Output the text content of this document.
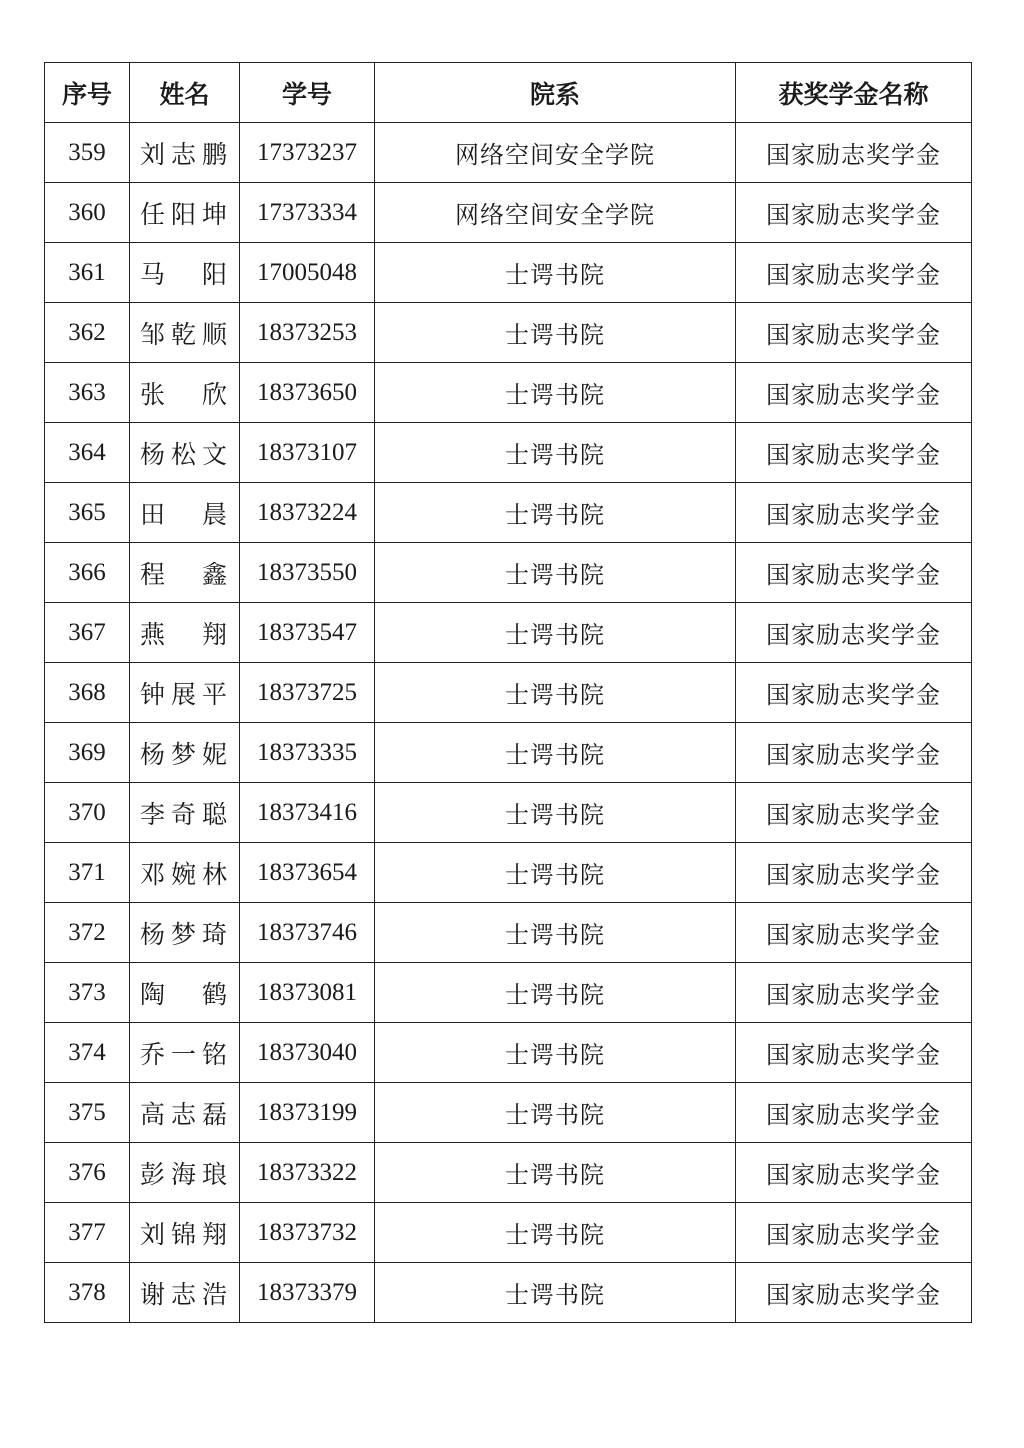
序号	姓名	学号	院系	获奖学金名称
359	刘志鹏	17373237	网络空间安全学院	国家励志奖学金
360	任阳坤	17373334	网络空间安全学院	国家励志奖学金
361	马阳	17005048	士谔书院	国家励志奖学金
362	邹乾顺	18373253	士谔书院	国家励志奖学金
363	张欣	18373650	士谔书院	国家励志奖学金
364	杨松文	18373107	士谔书院	国家励志奖学金
365	田晨	18373224	士谔书院	国家励志奖学金
366	程鑫	18373550	士谔书院	国家励志奖学金
367	燕翔	18373547	士谔书院	国家励志奖学金
368	钟展平	18373725	士谔书院	国家励志奖学金
369	杨梦妮	18373335	士谔书院	国家励志奖学金
370	李奇聪	18373416	士谔书院	国家励志奖学金
371	邓婉林	18373654	士谔书院	国家励志奖学金
372	杨梦琦	18373746	士谔书院	国家励志奖学金
373	陶鹤	18373081	士谔书院	国家励志奖学金
374	乔一铭	18373040	士谔书院	国家励志奖学金
375	高志磊	18373199	士谔书院	国家励志奖学金
376	彭海琅	18373322	士谔书院	国家励志奖学金
377	刘锦翔	18373732	士谔书院	国家励志奖学金
378	谢志浩	18373379	士谔书院	国家励志奖学金
